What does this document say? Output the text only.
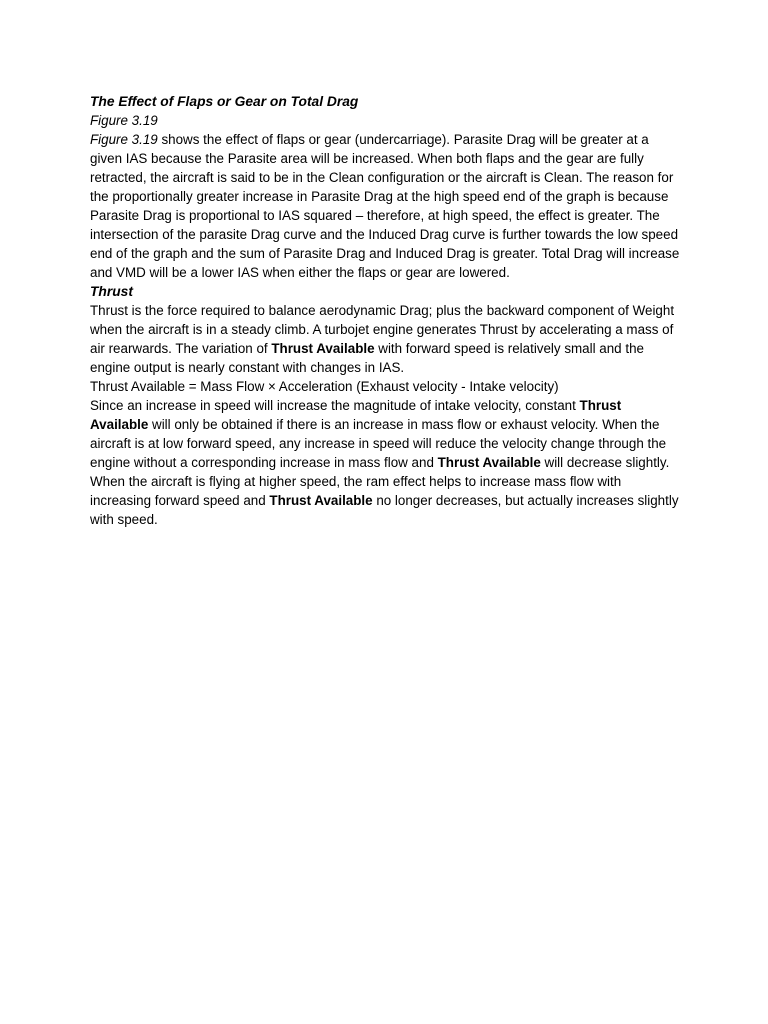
The Effect of Flaps or Gear on Total Drag

Figure 3.19

Figure 3.19 shows the effect of flaps or gear (undercarriage). Parasite Drag will be greater at a given IAS because the Parasite area will be increased. When both flaps and the gear are fully retracted, the aircraft is said to be in the Clean configuration or the aircraft is Clean. The reason for the proportionally greater increase in Parasite Drag at the high speed end of the graph is because Parasite Drag is proportional to IAS squared – therefore, at high speed, the effect is greater. The intersection of the parasite Drag curve and the Induced Drag curve is further towards the low speed end of the graph and the sum of Parasite Drag and Induced Drag is greater. Total Drag will increase and VMD will be a lower IAS when either the flaps or gear are lowered.

Thrust

Thrust is the force required to balance aerodynamic Drag; plus the backward component of Weight when the aircraft is in a steady climb. A turbojet engine generates Thrust by accelerating a mass of air rearwards. The variation of Thrust Available with forward speed is relatively small and the engine output is nearly constant with changes in IAS.

Thrust Available = Mass Flow × Acceleration (Exhaust velocity - Intake velocity)

Since an increase in speed will increase the magnitude of intake velocity, constant Thrust Available will only be obtained if there is an increase in mass flow or exhaust velocity. When the aircraft is at low forward speed, any increase in speed will reduce the velocity change through the engine without a corresponding increase in mass flow and Thrust Available will decrease slightly. When the aircraft is flying at higher speed, the ram effect helps to increase mass flow with increasing forward speed and Thrust Available no longer decreases, but actually increases slightly with speed.
